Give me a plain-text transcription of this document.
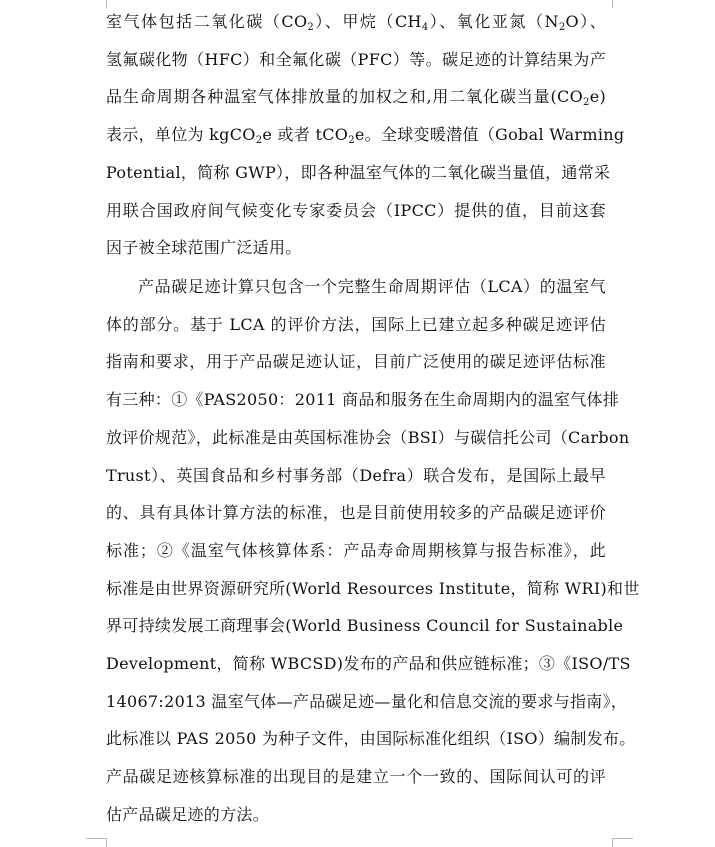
室气体包括二氧化碳$(CO_2)$、甲烷$(CH_4)$、氧化亚氮$(N_2O)$、
氢氟碳化物（HFC）和全氟化碳（PFC）等。碳足迹的计算结果为产
品生命周期各种温室气体排放量的加权之和,用二氧化碳当量$(CO_2e)$
表示，单位为 kgCO$_2$e 或者 tCO$_2$e。全球变暖潜值（Gobal Warming
Potential，简称 GWP），即各种温室气体的二氧化碳当量值，通常采
用联合国政府间气候变化专家委员会（IPCC）提供的值，目前这套
因子被全球范围广泛适用。
产品碳足迹计算只包含一个完整生命周期评估（LCA）的温室气
体的部分。基于 LCA 的评价方法，国际上已建立起多种碳足迹评估
指南和要求，用于产品碳足迹认证，目前广泛使用的碳足迹评估标准
有三种：①《PAS2050：2011 商品和服务在生命周期内的温室气体排
放评价规范》，此标准是由英国标准协会（BSI）与碳信托公司（Carbon
Trust）、英国食品和乡村事务部（Defra）联合发布，是国际上最早
的、具有具体计算方法的标准，也是目前使用较多的产品碳足迹评价
标准；②《温室气体核算体系：产品寿命周期核算与报告标准》，此
标准是由世界资源研究所(World Resources Institute，简称 WRI)和世
界可持续发展工商理事会(World Business Council for Sustainable
Development，简称 WBCSD)发布的产品和供应链标准；③《ISO/TS
14067:2013 温室气体—产品碳足迹—量化和信息交流的要求与指南》，
此标准以 PAS 2050 为种子文件，由国际标准化组织（ISO）编制发布。
产品碳足迹核算标准的出现目的是建立一个一致的、国际间认可的评
估产品碳足迹的方法。
